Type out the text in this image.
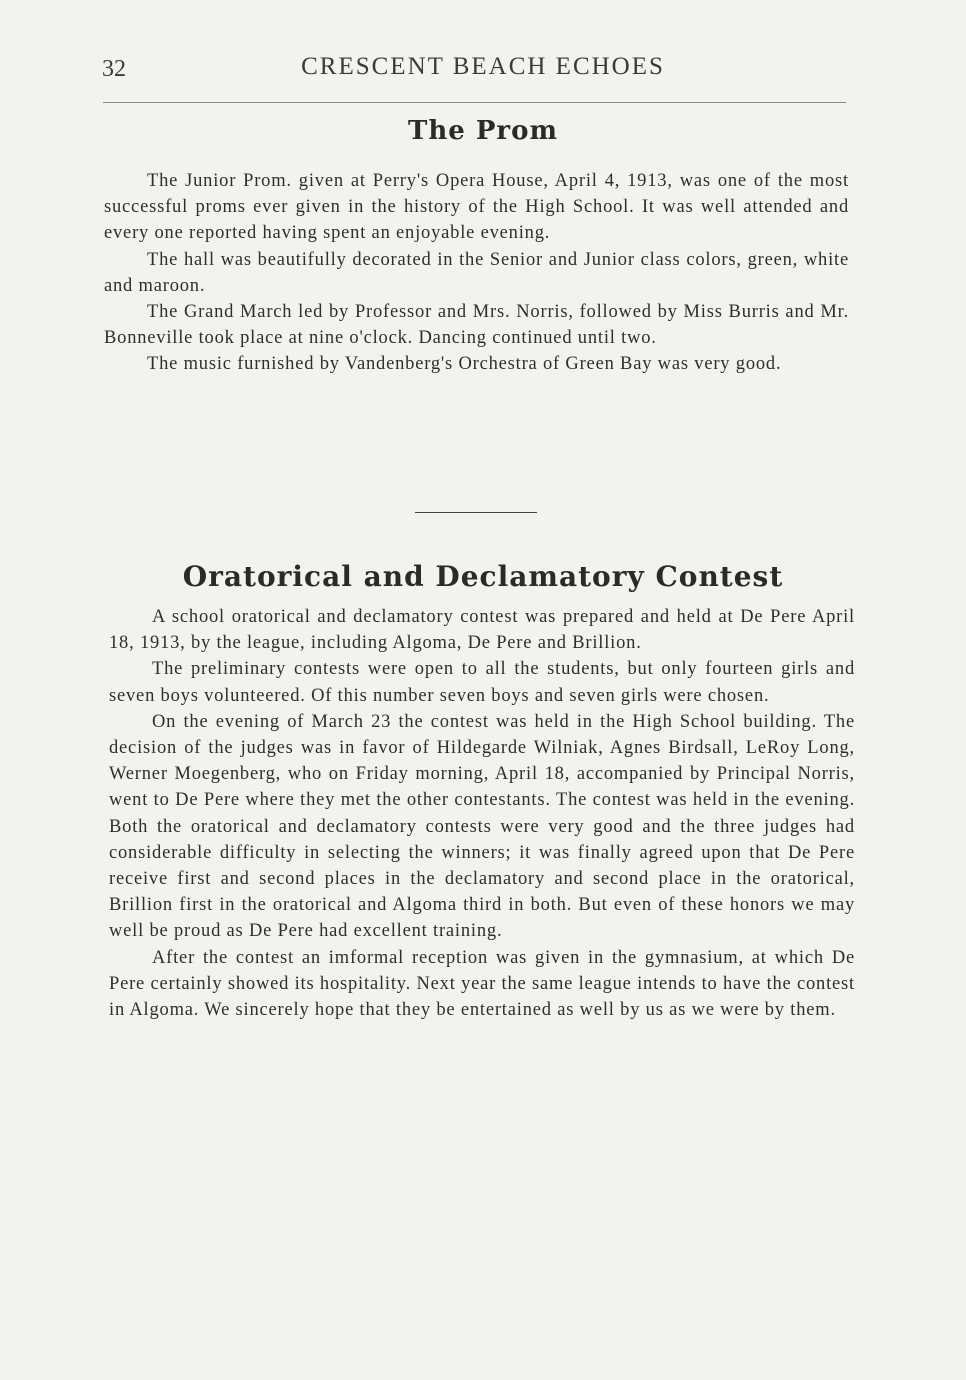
32	CRESCENT BEACH ECHOES
The Prom

The Junior Prom. given at Perry's Opera House, April 4, 1913, was one of the most successful proms ever given in the history of the High School. It was well attended and every one reported having spent an enjoyable evening.

The hall was beautifully decorated in the Senior and Junior class colors, green, white and maroon.

The Grand March led by Professor and Mrs. Norris, followed by Miss Burris and Mr. Bonneville took place at nine o'clock. Dancing continued until two.

The music furnished by Vandenberg's Orchestra of Green Bay was very good.

Oratorical and Declamatory Contest

A school oratorical and declamatory contest was prepared and held at De Pere April 18, 1913, by the league, including Algoma, De Pere and Brillion.

The preliminary contests were open to all the students, but only fourteen girls and seven boys volunteered. Of this number seven boys and seven girls were chosen.

On the evening of March 23 the contest was held in the High School building. The decision of the judges was in favor of Hildegarde Wilniak, Agnes Birdsall, LeRoy Long, Werner Moegenberg, who on Friday morning, April 18, accompanied by Principal Norris, went to De Pere where they met the other contestants. The contest was held in the evening. Both the oratorical and declamatory contests were very good and the three judges had considerable difficulty in selecting the winners; it was finally agreed upon that De Pere receive first and second places in the declamatory and second place in the oratorical, Brillion first in the oratorical and Algoma third in both. But even of these honors we may well be proud as De Pere had excellent training.

After the contest an imformal reception was given in the gymnasium, at which De Pere certainly showed its hospitality. Next year the same league intends to have the contest in Algoma. We sincerely hope that they be entertained as well by us as we were by them.
